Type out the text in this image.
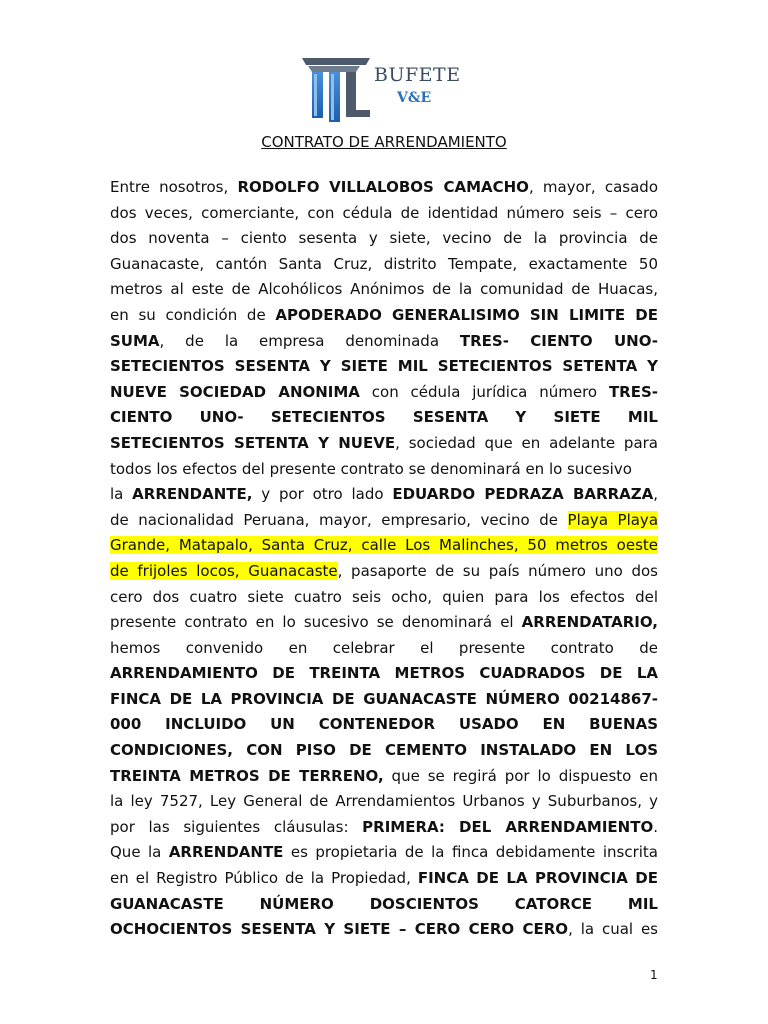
BUFETE
V&E
CONTRATO DE ARRENDAMIENTO
Entre nosotros, RODOLFO VILLALOBOS CAMACHO, mayor, casado
dos veces, comerciante, con cédula de identidad número seis – cero
dos noventa – ciento sesenta y siete, vecino de la provincia de
Guanacaste, cantón Santa Cruz, distrito Tempate, exactamente 50
metros al este de Alcohólicos Anónimos de la comunidad de Huacas,
en su condición de APODERADO GENERALISIMO SIN LIMITE DE
SUMA, de la empresa denominada TRES- CIENTO UNO-
SETECIENTOS SESENTA Y SIETE MIL SETECIENTOS SETENTA Y
NUEVE SOCIEDAD ANONIMA con cédula jurídica número TRES-
CIENTO UNO- SETECIENTOS SESENTA Y SIETE MIL
SETECIENTOS SETENTA Y NUEVE, sociedad que en adelante para
todos los efectos del presente contrato se denominará en lo sucesivo
la ARRENDANTE, y por otro lado EDUARDO PEDRAZA BARRAZA,
de nacionalidad Peruana, mayor, empresario, vecino de Playa Playa
Grande, Matapalo, Santa Cruz, calle Los Malinches, 50 metros oeste
de frijoles locos, Guanacaste, pasaporte de su país número uno dos
cero dos cuatro siete cuatro seis ocho, quien para los efectos del
presente contrato en lo sucesivo se denominará el ARRENDATARIO,
hemos convenido en celebrar el presente contrato de
ARRENDAMIENTO DE TREINTA METROS CUADRADOS DE LA
FINCA DE LA PROVINCIA DE GUANACASTE NÚMERO 00214867-
000 INCLUIDO UN CONTENEDOR USADO EN BUENAS
CONDICIONES, CON PISO DE CEMENTO INSTALADO EN LOS
TREINTA METROS DE TERRENO, que se regirá por lo dispuesto en
la ley 7527, Ley General de Arrendamientos Urbanos y Suburbanos, y
por las siguientes cláusulas: PRIMERA: DEL ARRENDAMIENTO.
Que la ARRENDANTE es propietaria de la finca debidamente inscrita
en el Registro Público de la Propiedad, FINCA DE LA PROVINCIA DE
GUANACASTE NÚMERO DOSCIENTOS CATORCE MIL
OCHOCIENTOS SESENTA Y SIETE – CERO CERO CERO, la cual es
1
